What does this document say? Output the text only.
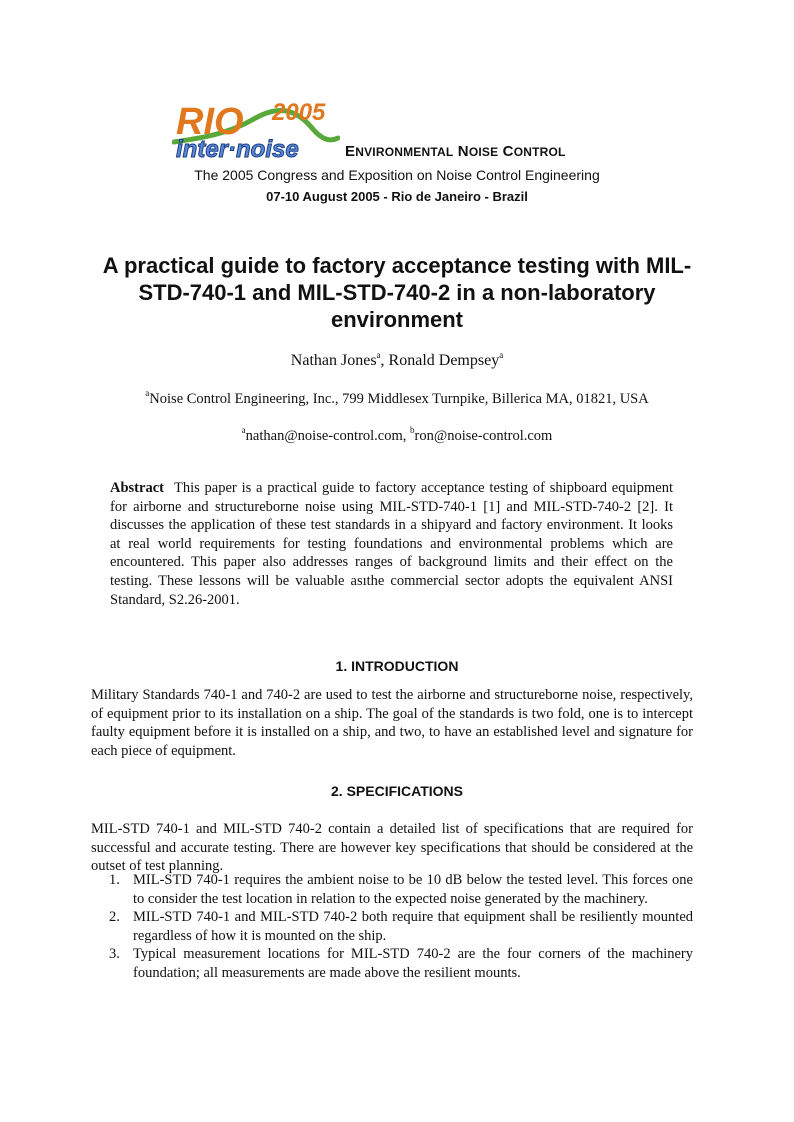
RIO 2005
inter·noise	ENVIRONMENTAL NOISE CONTROL
The 2005 Congress and Exposition on Noise Control Engineering
07-10 August 2005 - Rio de Janeiro - Brazil
A practical guide to factory acceptance testing with MIL-STD-740-1 and MIL-STD-740-2 in a non-laboratory environment
Nathan Jones$^a$, Ronald Dempsey$^a$
$^a$Noise Control Engineering, Inc., 799 Middlesex Turnpike, Billerica MA, 01821, USA
$^a$nathan@noise-control.com, $^b$ron@noise-control.com
Abstract This paper is a practical guide to factory acceptance testing of shipboard equipment for airborne and structureborne noise using MIL-STD-740-1 [1] and MIL-STD-740-2 [2]. It discusses the application of these test standards in a shipyard and factory environment. It looks at real world requirements for testing foundations and environmental problems which are encountered. This paper also addresses ranges of background limits and their effect on the testing. These lessons will be valuable asıthe commercial sector adopts the equivalent ANSI Standard, S2.26-2001.
1. INTRODUCTION
Military Standards 740-1 and 740-2 are used to test the airborne and structureborne noise, respectively, of equipment prior to its installation on a ship. The goal of the standards is two fold, one is to intercept faulty equipment before it is installed on a ship, and two, to have an established level and signature for each piece of equipment.
2. SPECIFICATIONS
MIL-STD 740-1 and MIL-STD 740-2 contain a detailed list of specifications that are required for successful and accurate testing. There are however key specifications that should be considered at the outset of test planning.
1. MIL-STD 740-1 requires the ambient noise to be 10 dB below the tested level. This forces one to consider the test location in relation to the expected noise generated by the machinery.
2. MIL-STD 740-1 and MIL-STD 740-2 both require that equipment shall be resiliently mounted regardless of how it is mounted on the ship.
3. Typical measurement locations for MIL-STD 740-2 are the four corners of the machinery foundation; all measurements are made above the resilient mounts.
